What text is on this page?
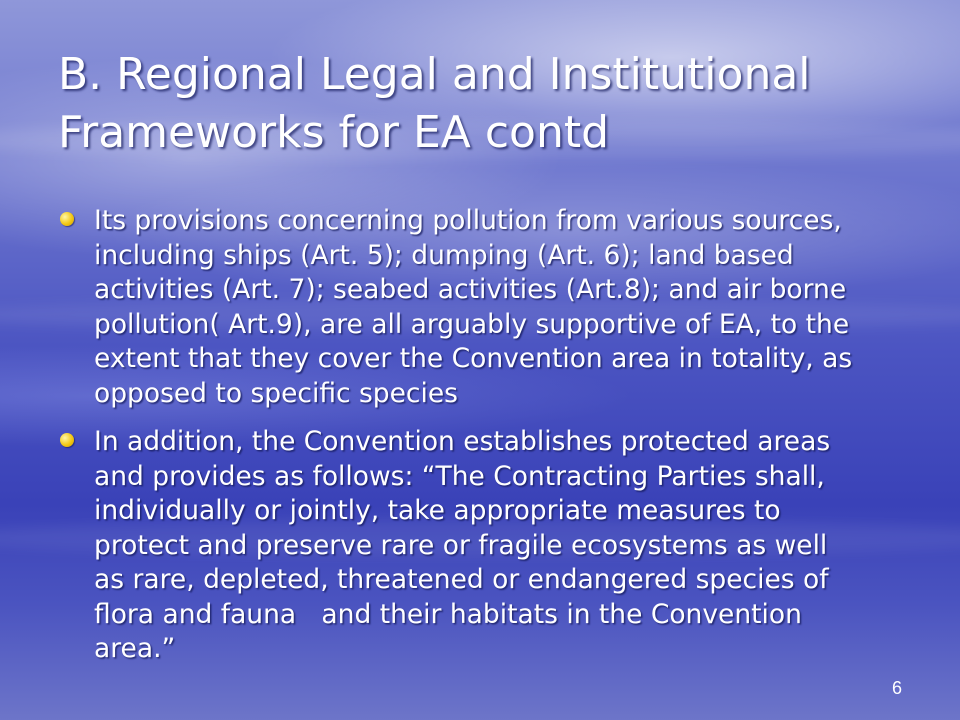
B. Regional Legal and Institutional
Frameworks for EA contd
Its provisions concerning pollution from various sources,
including ships (Art. 5); dumping (Art. 6); land based
activities (Art. 7); seabed activities (Art.8); and air borne
pollution( Art.9), are all arguably supportive of EA, to the
extent that they cover the Convention area in totality, as
opposed to specific species
In addition, the Convention establishes protected areas
and provides as follows: “The Contracting Parties shall,
individually or jointly, take appropriate measures to
protect and preserve rare or fragile ecosystems as well
as rare, depleted, threatened or endangered species of
flora and fauna   and their habitats in the Convention
area.”
6
